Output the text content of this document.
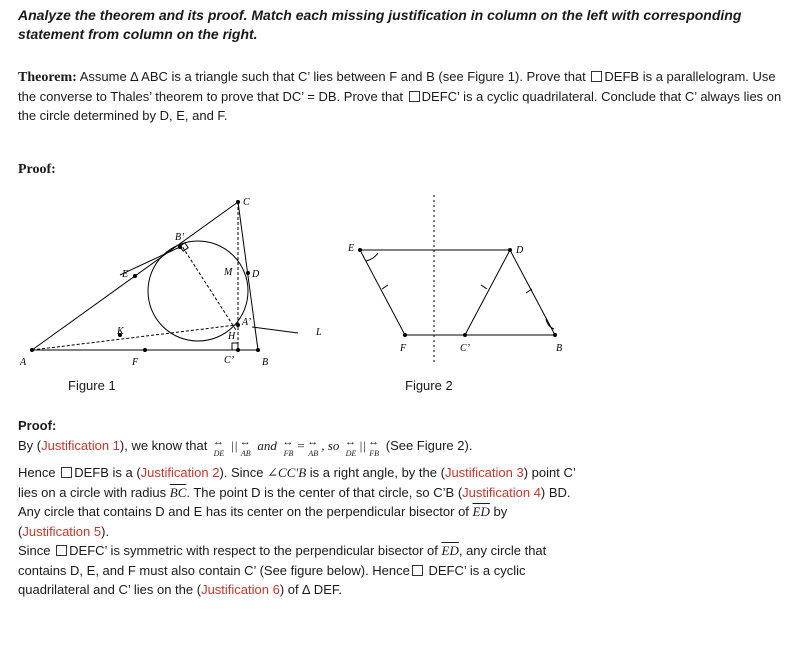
Analyze the theorem and its proof. Match each missing justification in column on the left with corresponding statement from column on the right.
Theorem: Assume ∆ ABC is a triangle such that C’ lies between F and B (see Figure 1). Prove that DEFB is a parallelogram. Use the converse to Thales’ theorem to prove that DC’ = DB. Prove that DEFC’ is a cyclic quadrilateral. Conclude that C’ always lies on the circle determined by D, E, and F.
Proof:
A	B
C
D
E
F
K	L
M
B’
A’
H
C’
Figure 1
E	D
F	C’	B
Figure 2
Proof:
By (Justification 1), we know that ↔ DE ||↔ AB and ↔ FB=↔ AB, so ↔ DE||↔ FB (See Figure 2).
Hence DEFB is a (Justification 2). Since ∠CC′B is a right angle, by the (Justification 3) point C’
lies on a circle with radius $\overline{BC}$. The point D is the center of that circle, so C’B (Justification 4) BD.
Any circle that contains D and E has its center on the perpendicular bisector of $\overline{ED}$ by
(Justification 5).
Since DEFC’ is symmetric with respect to the perpendicular bisector of $\overline{ED}$, any circle that
contains D, E, and F must also contain C’ (See figure below). Hence DEFC’ is a cyclic
quadrilateral and C’ lies on the (Justification 6) of ∆ DEF.
